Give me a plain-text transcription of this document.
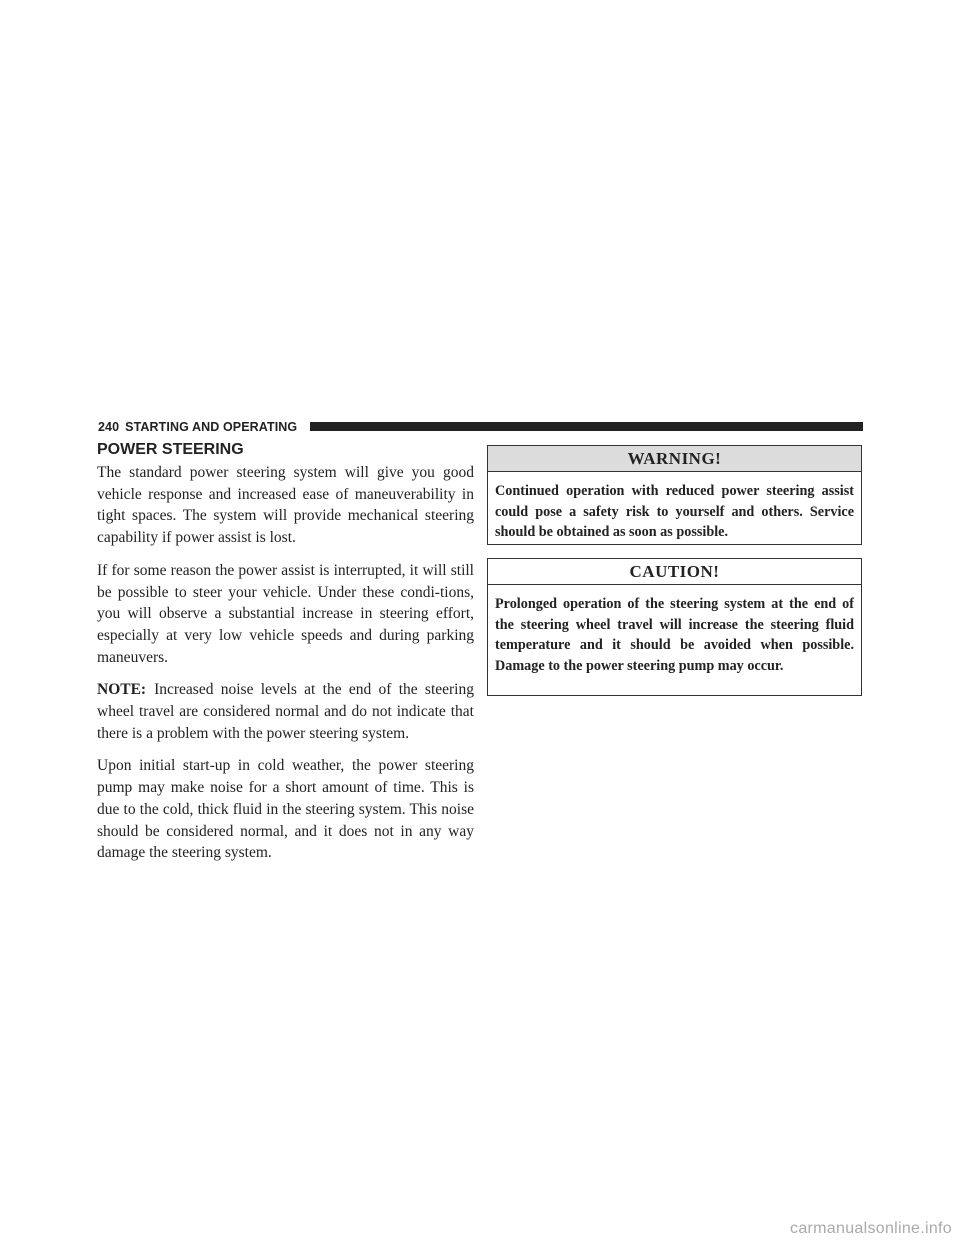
240 STARTING AND OPERATING
POWER STEERING

The standard power steering system will give you good vehicle response and increased ease of maneuverability in tight spaces. The system will provide mechanical steering capability if power assist is lost.

If for some reason the power assist is interrupted, it will still be possible to steer your vehicle. Under these condi-tions, you will observe a substantial increase in steering effort, especially at very low vehicle speeds and during parking maneuvers.

NOTE: Increased noise levels at the end of the steering wheel travel are considered normal and do not indicate that there is a problem with the power steering system.

Upon initial start-up in cold weather, the power steering pump may make noise for a short amount of time. This is due to the cold, thick fluid in the steering system. This noise should be considered normal, and it does not in any way damage the steering system.

WARNING!
Continued operation with reduced power steering assist could pose a safety risk to yourself and others. Service should be obtained as soon as possible.
CAUTION!
Prolonged operation of the steering system at the end of the steering wheel travel will increase the steering fluid temperature and it should be avoided when possible. Damage to the power steering pump may occur.
carmanualsonline.info
